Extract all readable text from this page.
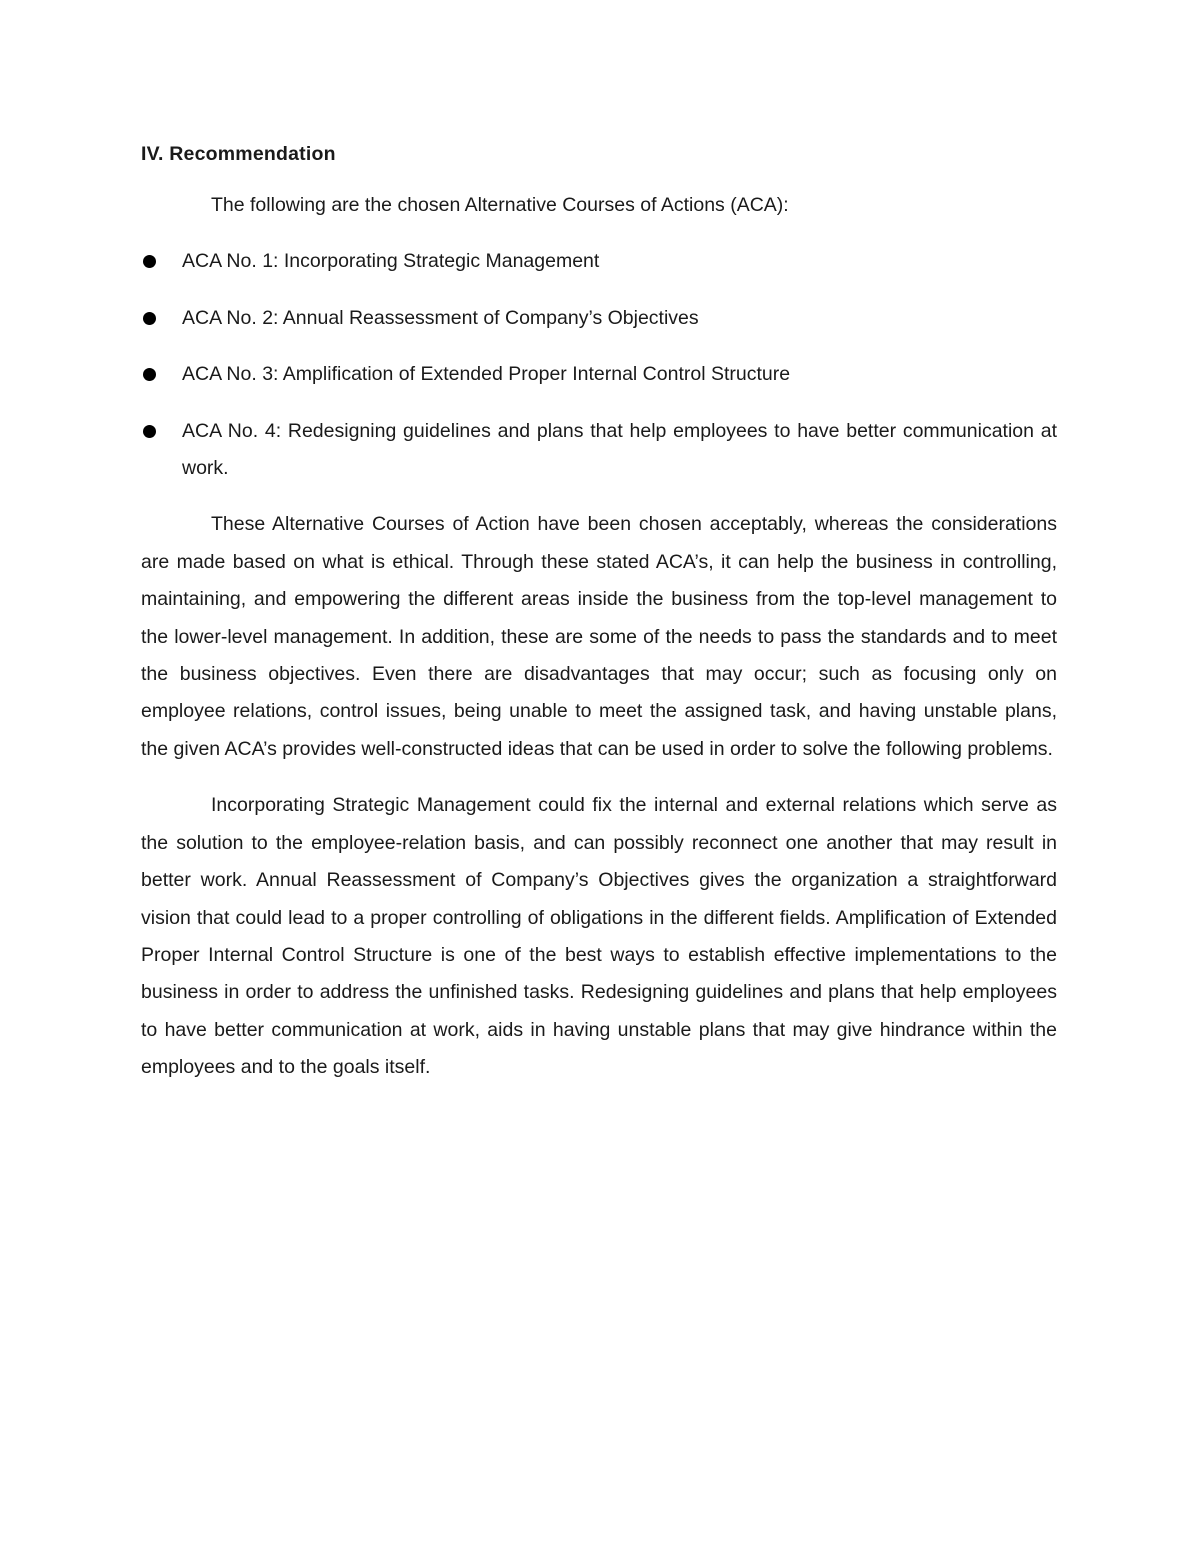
IV. Recommendation
The following are the chosen Alternative Courses of Actions (ACA):
ACA No. 1: Incorporating Strategic Management
ACA No. 2: Annual Reassessment of Company’s Objectives
ACA No. 3: Amplification of Extended Proper Internal Control Structure
ACA No. 4: Redesigning guidelines and plans that help employees to have better communication at work.

These Alternative Courses of Action have been chosen acceptably, whereas the considerations are made based on what is ethical. Through these stated ACA’s, it can help the business in controlling, maintaining, and empowering the different areas inside the business from the top-level management to the lower-level management. In addition, these are some of the needs to pass the standards and to meet the business objectives. Even there are disadvantages that may occur; such as focusing only on employee relations, control issues, being unable to meet the assigned task, and having unstable plans, the given ACA’s provides well-constructed ideas that can be used in order to solve the following problems.

Incorporating Strategic Management could fix the internal and external relations which serve as the solution to the employee-relation basis, and can possibly reconnect one another that may result in better work. Annual Reassessment of Company’s Objectives gives the organization a straightforward vision that could lead to a proper controlling of obligations in the different fields. Amplification of Extended Proper Internal Control Structure is one of the best ways to establish effective implementations to the business in order to address the unfinished tasks. Redesigning guidelines and plans that help employees to have better communication at work, aids in having unstable plans that may give hindrance within the employees and to the goals itself.
